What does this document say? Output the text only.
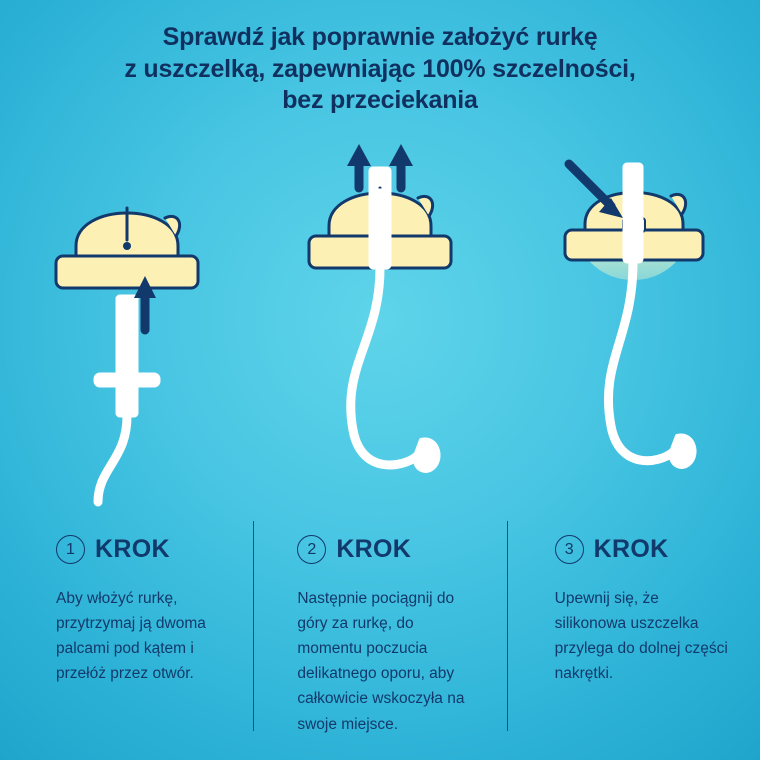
Sprawdź jak poprawnie założyć rurkę
z uszczelką, zapewniając 100% szczelności,
bez przeciekania
1 KROK
Aby włożyć rurkę, przytrzymaj ją dwoma palcami pod kątem i przełóż przez otwór.
2 KROK
Następnie pociągnij do góry za rurkę, do momentu poczucia delikatnego oporu, aby całkowicie wskoczyła na swoje miejsce.
3 KROK
Upewnij się, że silikonowa uszczelka przylega do dolnej części nakrętki.
